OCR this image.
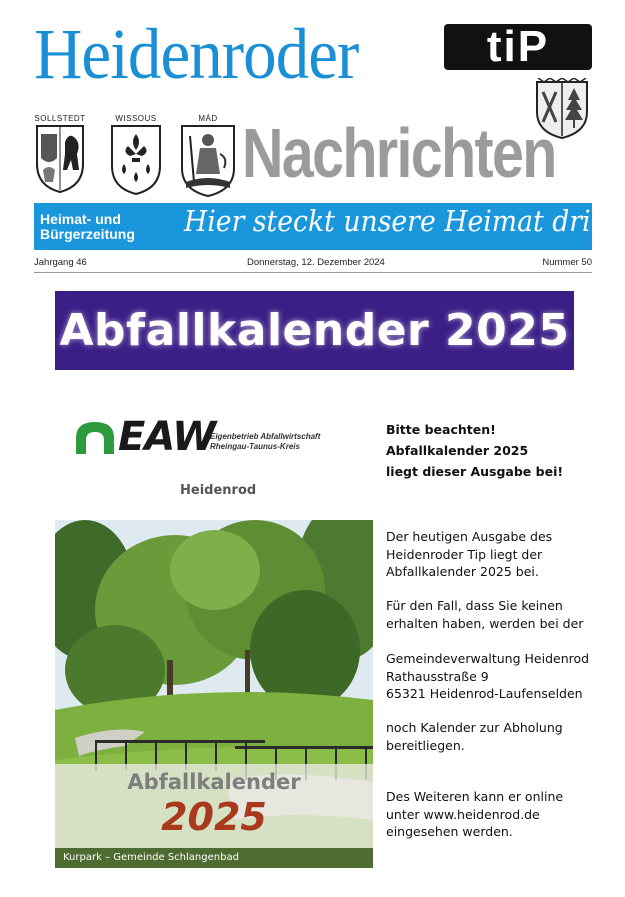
Heidenroder	tiP
SOLLSTEDT	WISSOUS	MÁD Nachrichten
Heimat- und
Bürgerzeitung Hier steckt unsere Heimat drin!
Jahrgang 46	Donnerstag, 12. Dezember 2024	Nummer 50
Abfallkalender 2025
EAW
Eigenbetrieb Abfallwirtschaft
Rheingau-Taunus-Kreis
Heidenrod
Abfallkalender
2025
Kurpark – Gemeinde Schlangenbad
Bitte beachten!
Abfallkalender 2025
liegt dieser Ausgabe bei!
Der heutigen Ausgabe des
Heidenroder Tip liegt der
Abfallkalender 2025 bei.
Für den Fall, dass Sie keinen
erhalten haben, werden bei der
Gemeindeverwaltung Heidenrod
Rathausstraße 9
65321 Heidenrod-Laufenselden
noch Kalender zur Abholung
bereitliegen.
Des Weiteren kann er online
unter www.heidenrod.de
eingesehen werden.
